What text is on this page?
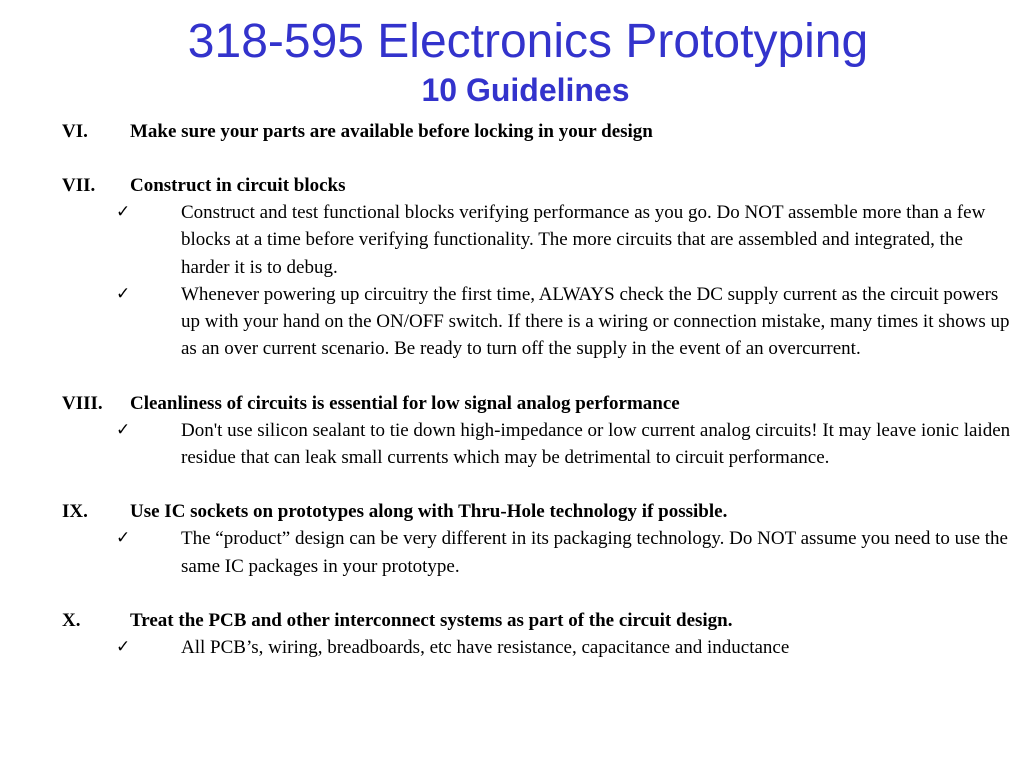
318-595 Electronics Prototyping
10 Guidelines
VI. Make sure your parts are available before locking in your design
VII. Construct in circuit blocks
✓	Construct and test functional blocks verifying performance as you go. Do NOT assemble more than a few blocks at a time before verifying functionality. The more circuits that are assembled and integrated, the harder it is to debug.
✓	Whenever powering up circuitry the first time, ALWAYS check the DC supply current as the circuit powers up with your hand on the ON/OFF switch. If there is a wiring or connection mistake, many times it shows up as an over current scenario. Be ready to turn off the supply in the event of an overcurrent.
VIII. Cleanliness of circuits is essential for low signal analog performance
✓	Don't use silicon sealant to tie down high-impedance or low current analog circuits! It may leave ionic laiden residue that can leak small currents which may be detrimental to circuit performance.
IX. Use IC sockets on prototypes along with Thru-Hole technology if possible.
✓	The “product” design can be very different in its packaging technology. Do NOT assume you need to use the same IC packages in your prototype.
X.	Treat the PCB and other interconnect systems as part of the circuit design.
✓	All PCB’s, wiring, breadboards, etc have resistance, capacitance and inductance
